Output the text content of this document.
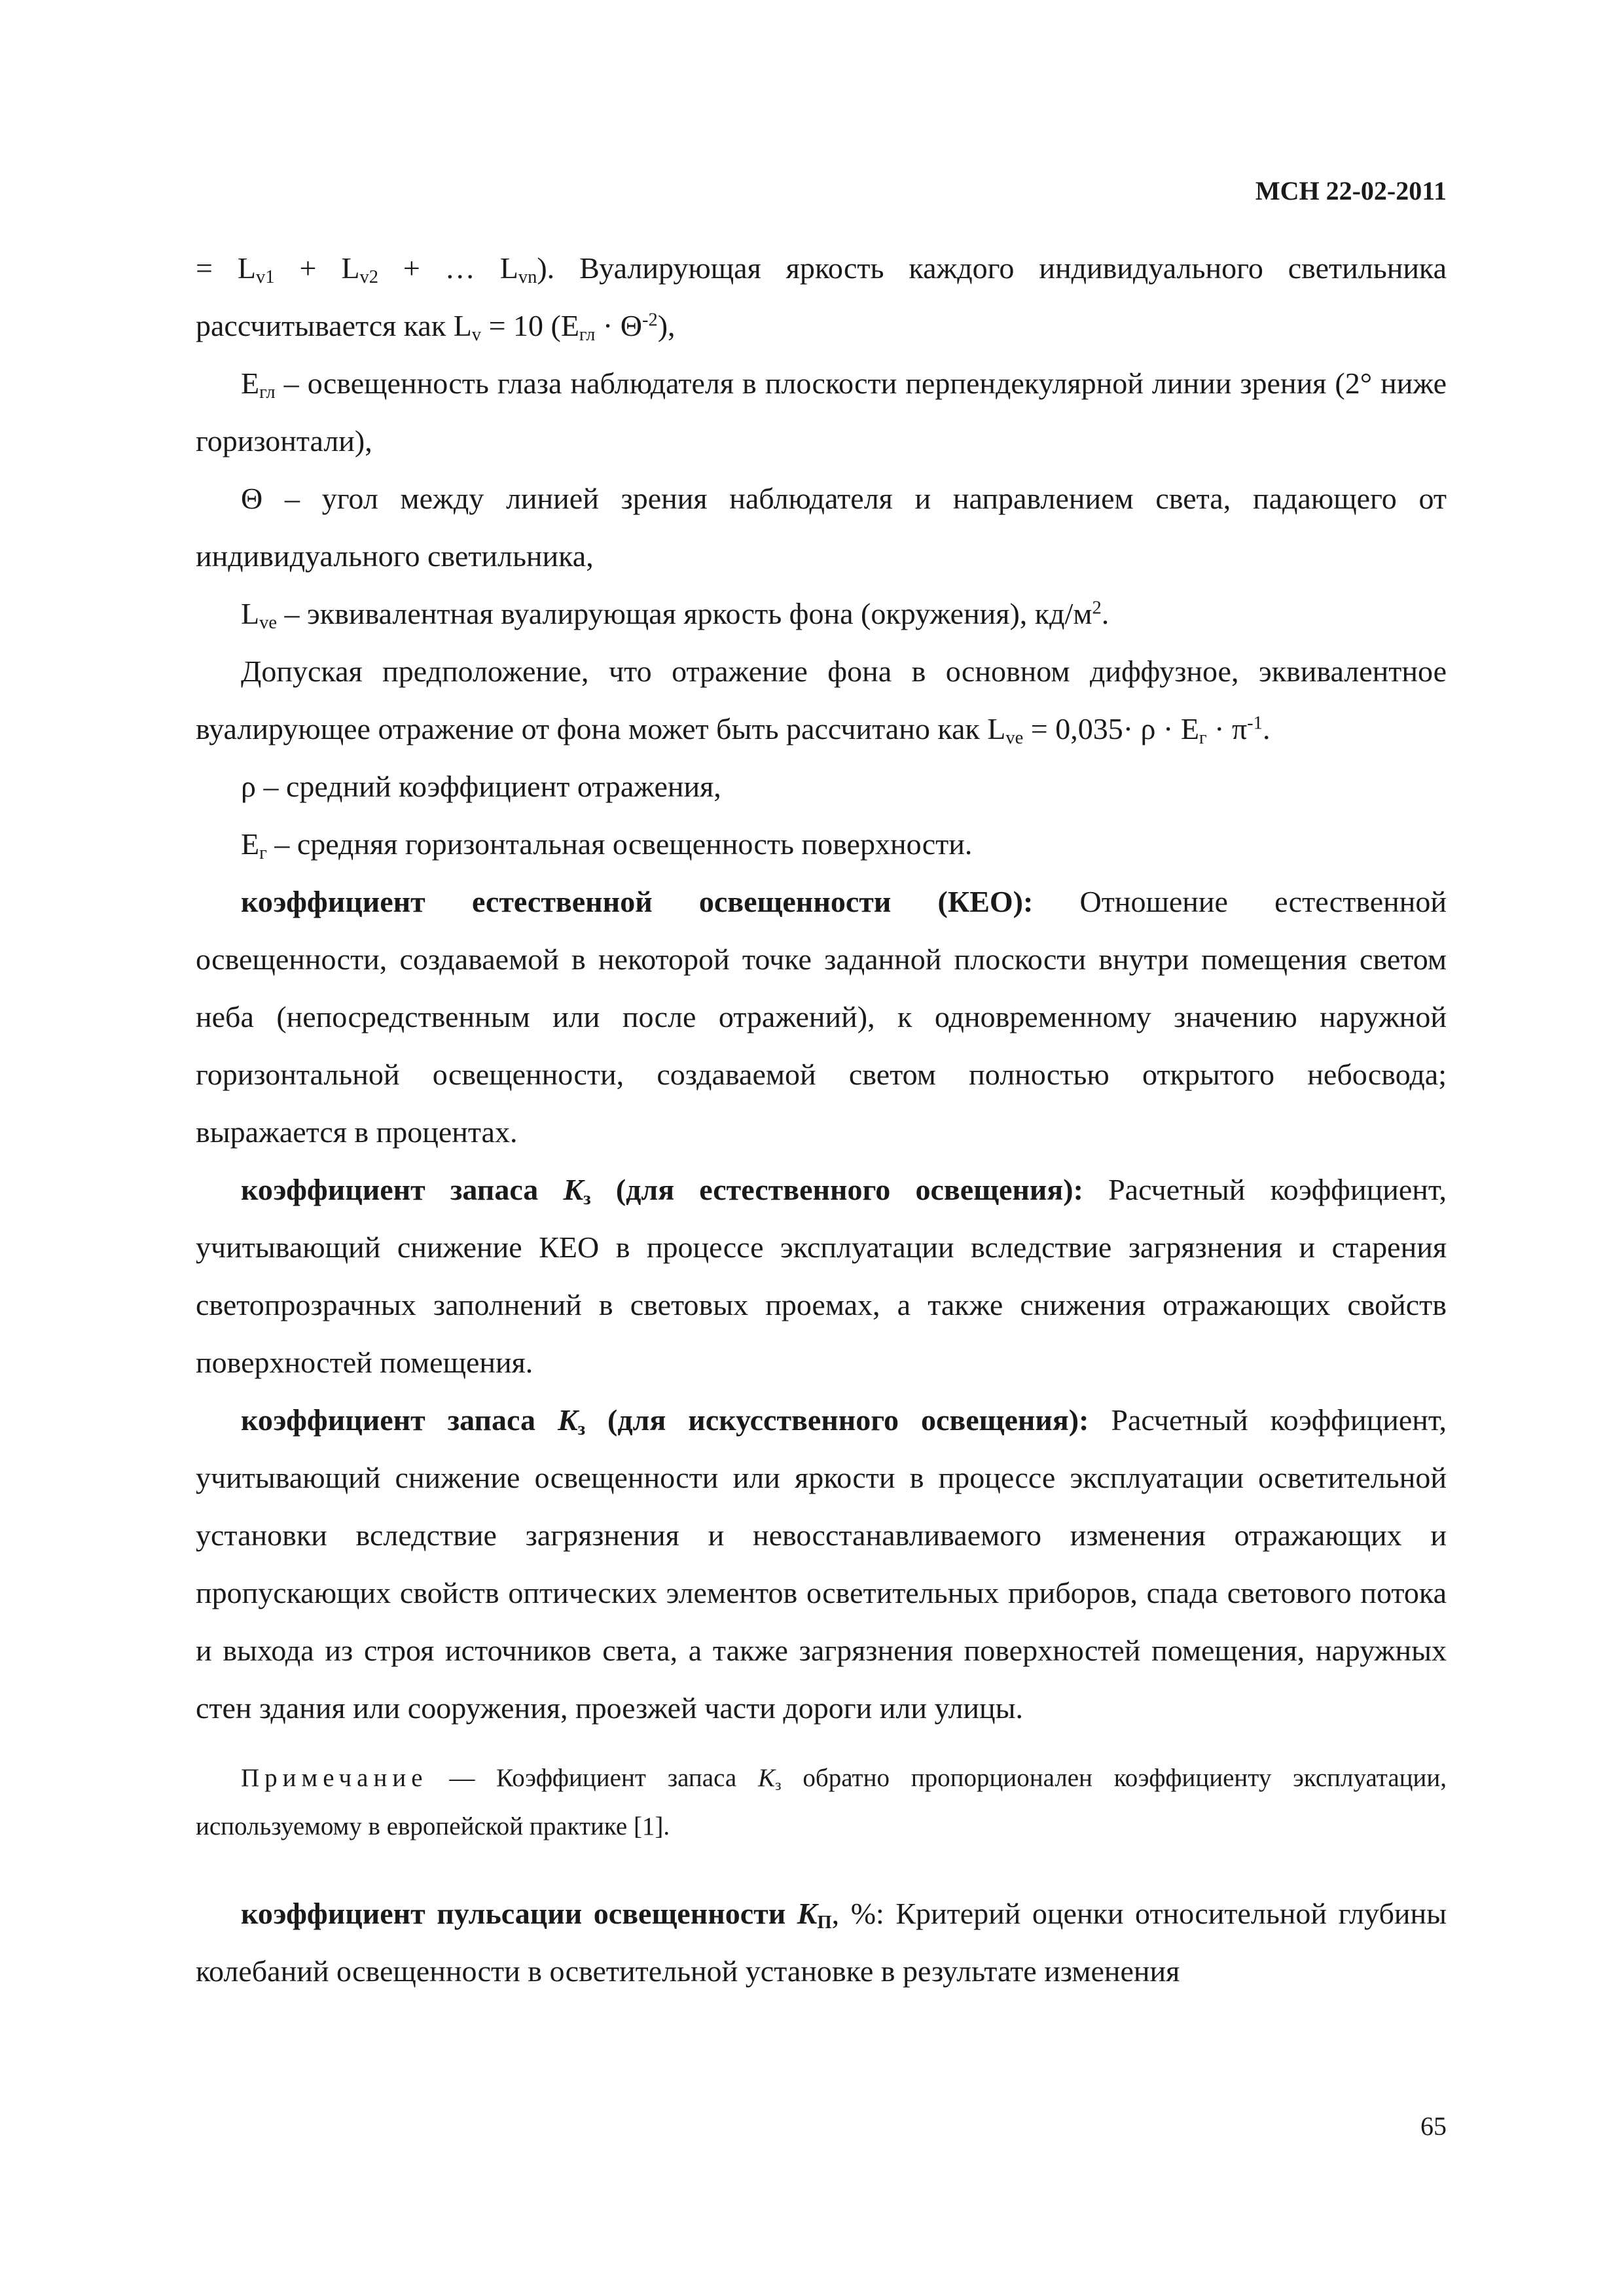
МСН 22-02-2011

= $L_{v1} + L_{v2}$ + … $L_{vn}$). Вуалирующая яркость каждого индивидуального светильника рассчитывается как $L_v = 10$ $(E_{гл} \cdot \Theta^{-2})$,

$E_{гл}$ – освещенность глаза наблюдателя в плоскости перпендекулярной линии зрения (2° ниже горизонтали),

Θ – угол между линией зрения наблюдателя и направлением света, падающего от индивидуального светильника,

$L_{ve}$ – эквивалентная вуалирующая яркость фона (окружения), $кд/м^2$.

Допуская предположение, что отражение фона в основном диффузное, эквивалентное вуалирующее отражение от фона может быть рассчитано как $L_{ve} = 0,035\cdot \rho \cdot E_г \cdot \pi^{-1}$.

ρ – средний коэффициент отражения,

$E_г$ – средняя горизонтальная освещенность поверхности.

коэффициент естественной освещенности (КЕО): Отношение естественной освещенности, создаваемой в некоторой точке заданной плоскости внутри помещения светом неба (непосредственным или после отражений), к одновременному значению наружной горизонтальной освещенности, создаваемой светом полностью открытого небосвода; выражается в процентах.

коэффициент запаса $K_з$ (для естественного освещения): Расчетный коэффициент, учитывающий снижение КЕО в процессе эксплуатации вследствие загрязнения и старения светопрозрачных заполнений в световых проемах, а также снижения отражающих свойств поверхностей помещения.

коэффициент запаса $K_з$ (для искусственного освещения): Расчетный коэффициент, учитывающий снижение освещенности или яркости в процессе эксплуатации осветительной установки вследствие загрязнения и невосстанавливаемого изменения отражающих и пропускающих свойств оптических элементов осветительных приборов, спада светового потока и выхода из строя источников света, а также загрязнения поверхностей помещения, наружных стен здания или сооружения, проезжей части дороги или улицы.

Примечание — Коэффициент запаса $K_з$ обратно пропорционален коэффициенту эксплуатации, используемому в европейской практике [1].

коэффициент пульсации освещенности $K_П$, %: Критерий оценки относительной глубины колебаний освещенности в осветительной установке в результате изменения

65
